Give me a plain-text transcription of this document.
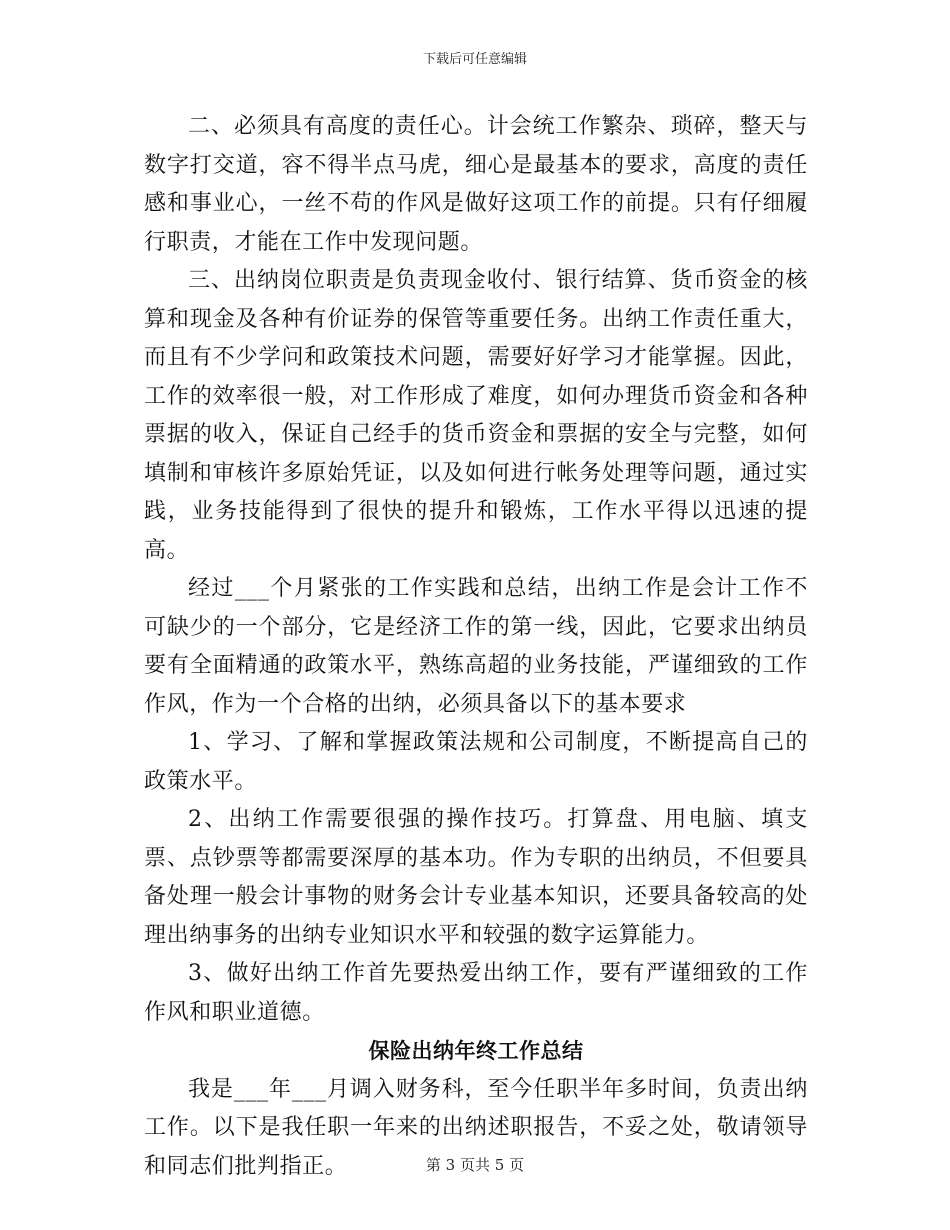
下载后可任意编辑

二、必须具有高度的责任心。计会统工作繁杂、琐碎，整天与数字打交道，容不得半点马虎，细心是最基本的要求，高度的责任感和事业心，一丝不苟的作风是做好这项工作的前提。只有仔细履行职责，才能在工作中发现问题。

三、出纳岗位职责是负责现金收付、银行结算、货币资金的核算和现金及各种有价证券的保管等重要任务。出纳工作责任重大，而且有不少学问和政策技术问题，需要好好学习才能掌握。因此，工作的效率很一般，对工作形成了难度，如何办理货币资金和各种票据的收入，保证自己经手的货币资金和票据的安全与完整，如何填制和审核许多原始凭证，以及如何进行帐务处理等问题，通过实践，业务技能得到了很快的提升和锻炼，工作水平得以迅速的提高。

经过___个月紧张的工作实践和总结，出纳工作是会计工作不可缺少的一个部分，它是经济工作的第一线，因此，它要求出纳员要有全面精通的政策水平，熟练高超的业务技能，严谨细致的工作作风，作为一个合格的出纳，必须具备以下的基本要求

1、学习、了解和掌握政策法规和公司制度，不断提高自己的政策水平。

2、出纳工作需要很强的操作技巧。打算盘、用电脑、填支票、点钞票等都需要深厚的基本功。作为专职的出纳员，不但要具备处理一般会计事物的财务会计专业基本知识，还要具备较高的处理出纳事务的出纳专业知识水平和较强的数字运算能力。

3、做好出纳工作首先要热爱出纳工作，要有严谨细致的工作作风和职业道德。

保险出纳年终工作总结

我是___年___月调入财务科，至今任职半年多时间，负责出纳工作。以下是我任职一年来的出纳述职报告，不妥之处，敬请领导和同志们批判指正。	第 3 页共 5 页
